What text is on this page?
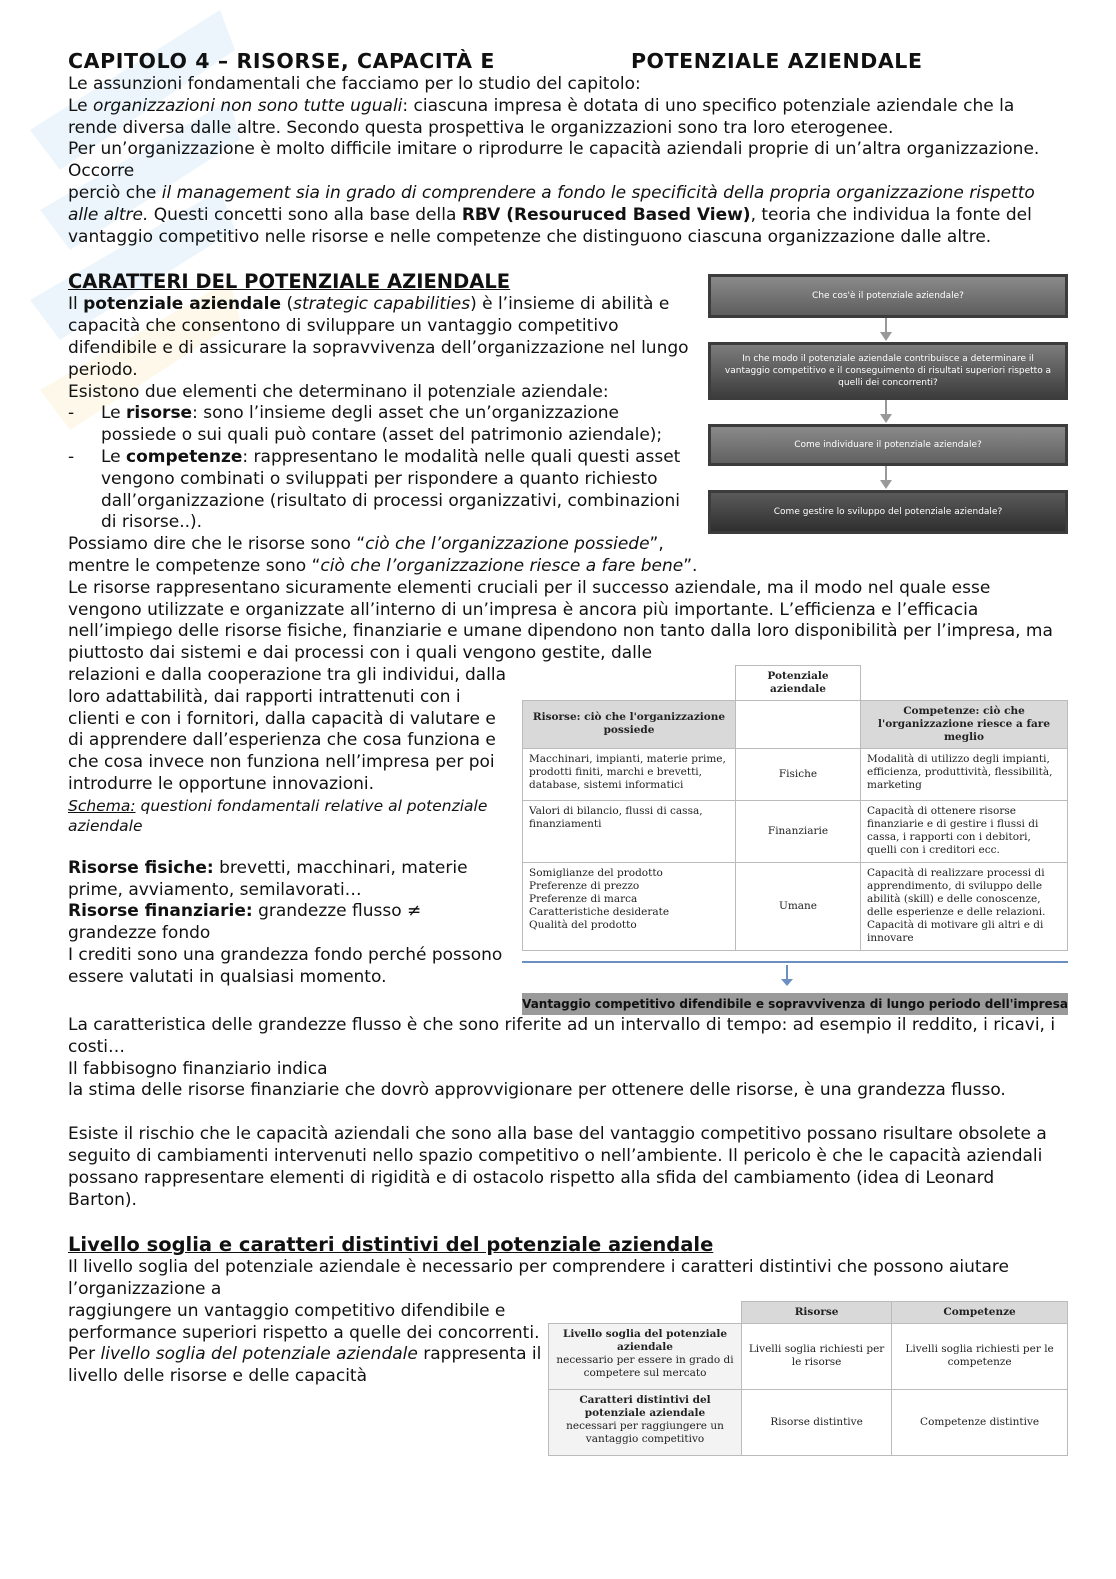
CAPITOLO 4 – RISORSE, CAPACITÀ E	POTENZIALE AZIENDALE

Le assunzioni fondamentali che facciamo per lo studio del capitolo:

Le organizzazioni non sono tutte uguali: ciascuna impresa è dotata di uno specifico potenziale aziendale che la rende diversa dalle altre. Secondo questa prospettiva le organizzazioni sono tra loro eterogenee.

Per un’organizzazione è molto difficile imitare o riprodurre le capacità aziendali proprie di un’altra organizzazione. Occorre

perciò che il management sia in grado di comprendere a fondo le specificità della propria organizzazione rispetto alle altre. Questi concetti sono alla base della RBV (Resouruced Based View), teoria che individua la fonte del vantaggio competitivo nelle risorse e nelle competenze che distinguono ciascuna organizzazione dalle altre.

Che cos'è il potenziale aziendale?
In che modo il potenziale aziendale contribuisce a determinare il vantaggio competitivo e il conseguimento di risultati superiori rispetto a quelli dei concorrenti?
Come individuare il potenziale aziendale?
Come gestire lo sviluppo del potenziale aziendale?
CARATTERI DEL POTENZIALE AZIENDALE

Il potenziale aziendale (strategic capabilities) è l’insieme di abilità e capacità che consentono di sviluppare un vantaggio competitivo difendibile e di assicurare la sopravvivenza dell’organizzazione nel lungo periodo.

Esistono due elementi che determinano il potenziale aziendale:

- Le risorse: sono l’insieme degli asset che un’organizzazione possiede o sui quali può contare (asset del patrimonio aziendale);
- Le competenze: rappresentano le modalità nelle quali questi asset vengono combinati o sviluppati per rispondere a quanto richiesto dall’organizzazione (risultato di processi organizzativi, combinazioni di risorse..).

Possiamo dire che le risorse sono “ciò che l’organizzazione possiede”, mentre le competenze sono “ciò che l’organizzazione riesce a fare bene”.

Le risorse rappresentano sicuramente elementi cruciali per il successo aziendale, ma il modo nel quale esse vengono utilizzate e organizzate all’interno di un’impresa è ancora più importante. L’efficienza e l’efficacia nell’impiego delle risorse fisiche, finanziarie e umane dipendono non tanto dalla loro disponibilità per l’impresa, ma piuttosto dai sistemi e dai processi con i quali vengono gestite, dalle

	Potenziale aziendale	
Risorse: ciò che l'organizzazione possiede		Competenze: ciò che l'organizzazione riesce a fare meglio
Macchinari, impianti, materie prime, prodotti finiti, marchi e brevetti, database, sistemi informatici	Fisiche	Modalità di utilizzo degli impianti, efficienza, produttività, flessibilità, marketing
Valori di bilancio, flussi di cassa, finanziamenti	Finanziarie	Capacità di ottenere risorse finanziarie e di gestire i flussi di cassa, i rapporti con i debitori, quelli con i creditori ecc.
Somiglianze del prodotto
Preferenze di prezzo
Preferenze di marca
Caratteristiche desiderate
Qualità del prodotto	Umane	Capacità di realizzare processi di apprendimento, di sviluppo delle abilità (skill) e delle conoscenze, delle esperienze e delle relazioni. Capacità di motivare gli altri e di innovare
Vantaggio competitivo difendibile e sopravvivenza di lungo periodo dell'impresa

relazioni e dalla cooperazione tra gli individui, dalla loro adattabilità, dai rapporti intrattenuti con i clienti e con i fornitori, dalla capacità di valutare e di apprendere dall’esperienza che cosa funziona e che cosa invece non funziona nell’impresa per poi introdurre le opportune innovazioni.

Schema: questioni fondamentali relative al potenziale aziendale

Risorse fisiche: brevetti, macchinari, materie prime, avviamento, semilavorati…

Risorse finanziarie: grandezze flusso ≠ grandezze fondo

I crediti sono una grandezza fondo perché possono essere valutati in qualsiasi momento.

La caratteristica delle grandezze flusso è che sono riferite ad un intervallo di tempo: ad esempio il reddito, i ricavi, i costi…

Il fabbisogno finanziario indica

la stima delle risorse finanziarie che dovrò approvvigionare per ottenere delle risorse, è una grandezza flusso.

Esiste il rischio che le capacità aziendali che sono alla base del vantaggio competitivo possano risultare obsolete a seguito di cambiamenti intervenuti nello spazio competitivo o nell’ambiente. Il pericolo è che le capacità aziendali possano rappresentare elementi di rigidità e di ostacolo rispetto alla sfida del cambiamento (idea di Leonard Barton).

Livello soglia e caratteri distintivi del potenziale aziendale

Il livello soglia del potenziale aziendale è necessario per comprendere i caratteri distintivi che possono aiutare l’organizzazione a

	Risorse	Competenze

Livello soglia del potenziale aziendale
necessario per essere in grado di competere sul mercato	Livelli soglia richiesti per le risorse	Livelli soglia richiesti per le competenze

Caratteri distintivi del potenziale aziendale
necessari per raggiungere un vantaggio competitivo	Risorse distintive	Competenze distintive

raggiungere un vantaggio competitivo difendibile e performance superiori rispetto a quelle dei concorrenti.

Per livello soglia del potenziale aziendale rappresenta il livello delle risorse e delle capacità
